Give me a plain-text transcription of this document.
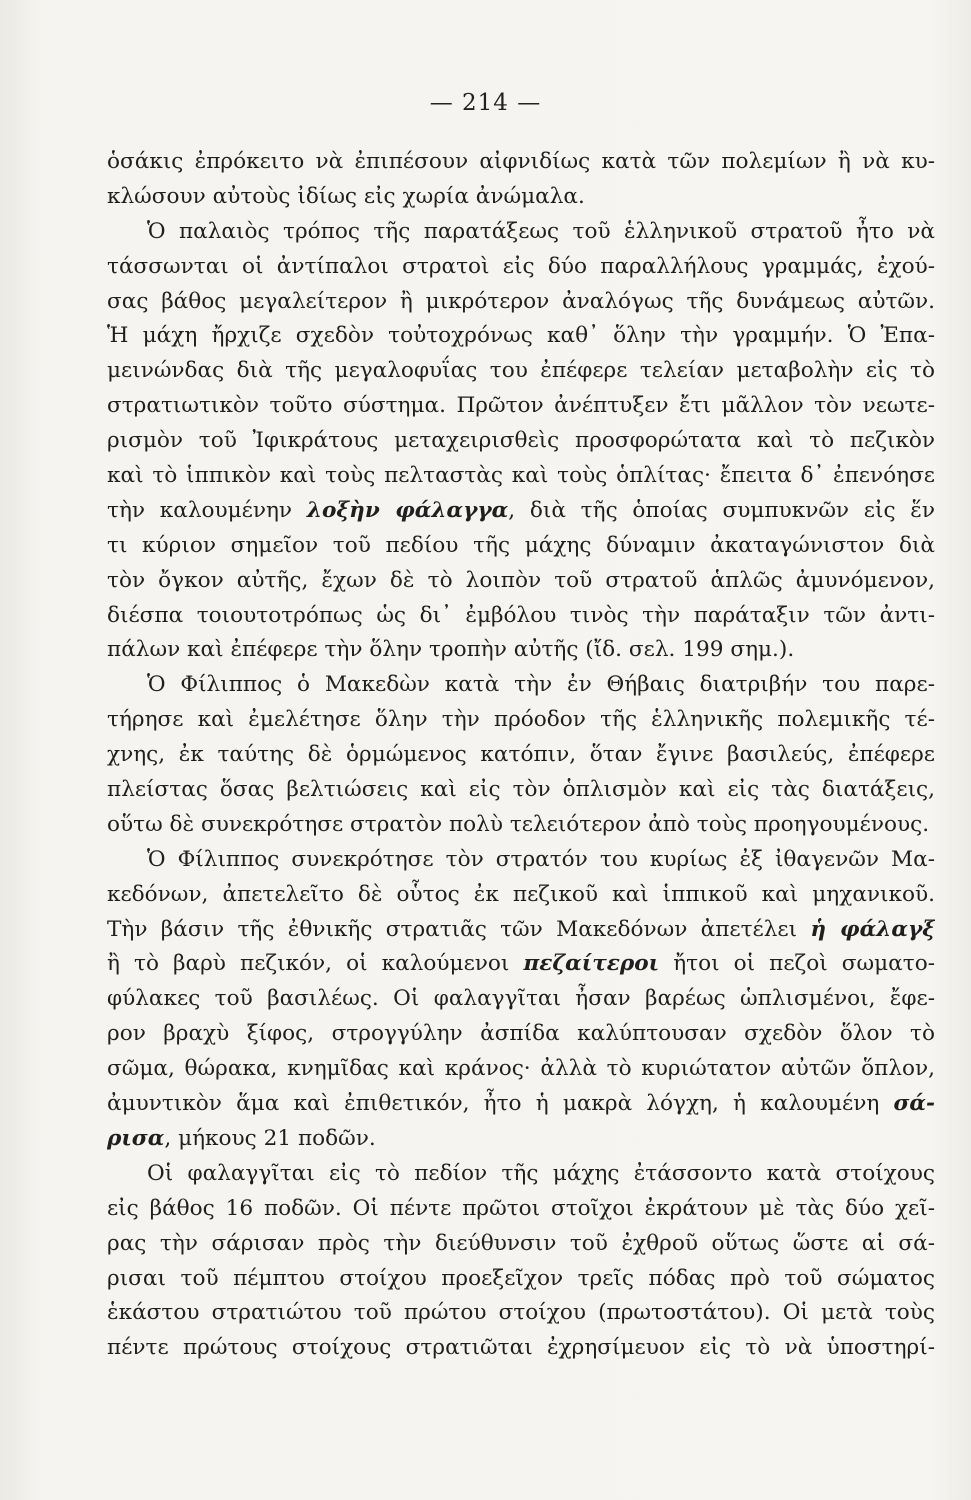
— 214 —
ὁσάκις ἐπρόκειτο νὰ ἐπιπέσουν αἰφνιδίως κατὰ τῶν πολεμίων ἢ νὰ κυ-
κλώσουν αὐτοὺς ἰδίως εἰς χωρία ἀνώμαλα.
Ὁ παλαιὸς τρόπος τῆς παρατάξεως τοῦ ἑλληνικοῦ στρατοῦ ἦτο νὰ
τάσσωνται οἱ ἀντίπαλοι στρατοὶ εἰς δύο παραλλήλους γραμμάς, ἐχού-
σας βάθος μεγαλείτερον ἢ μικρότερον ἀναλόγως τῆς δυνάμεως αὐτῶν.
Ἡ μάχη ἤρχιζε σχεδὸν τοὐτοχρόνως καθ᾽ ὅλην τὴν γραμμήν. Ὁ Ἐπα-
μεινώνδας διὰ τῆς μεγαλοφυΐας του ἐπέφερε τελείαν μεταβολὴν εἰς τὸ
στρατιωτικὸν τοῦτο σύστημα. Πρῶτον ἀνέπτυξεν ἔτι μᾶλλον τὸν νεωτε-
ρισμὸν τοῦ Ἰφικράτους μεταχειρισθεὶς προσφορώτατα καὶ τὸ πεζικὸν
καὶ τὸ ἱππικὸν καὶ τοὺς πελταστὰς καὶ τοὺς ὁπλίτας· ἔπειτα δ᾽ ἐπενόησε
τὴν καλουμένην λοξὴν φάλαγγα, διὰ τῆς ὁποίας συμπυκνῶν εἰς ἕν
τι κύριον σημεῖον τοῦ πεδίου τῆς μάχης δύναμιν ἀκαταγώνιστον διὰ
τὸν ὄγκον αὐτῆς, ἔχων δὲ τὸ λοιπὸν τοῦ στρατοῦ ἁπλῶς ἀμυνόμενον,
διέσπα τοιουτοτρόπως ὡς δι᾽ ἐμβόλου τινὸς τὴν παράταξιν τῶν ἀντι-
πάλων καὶ ἐπέφερε τὴν ὅλην τροπὴν αὐτῆς (ἴδ. σελ. 199 σημ.).
Ὁ Φίλιππος ὁ Μακεδὼν κατὰ τὴν ἐν Θήβαις διατριβήν του παρε-
τήρησε καὶ ἐμελέτησε ὅλην τὴν πρόοδον τῆς ἑλληνικῆς πολεμικῆς τέ-
χνης, ἐκ ταύτης δὲ ὁρμώμενος κατόπιν, ὅταν ἔγινε βασιλεύς, ἐπέφερε
πλείστας ὅσας βελτιώσεις καὶ εἰς τὸν ὁπλισμὸν καὶ εἰς τὰς διατάξεις,
οὕτω δὲ συνεκρότησε στρατὸν πολὺ τελειότερον ἀπὸ τοὺς προηγουμένους.
Ὁ Φίλιππος συνεκρότησε τὸν στρατόν του κυρίως ἐξ ἰθαγενῶν Μα-
κεδόνων, ἀπετελεῖτο δὲ οὗτος ἐκ πεζικοῦ καὶ ἱππικοῦ καὶ μηχανικοῦ.
Τὴν βάσιν τῆς ἐθνικῆς στρατιᾶς τῶν Μακεδόνων ἀπετέλει ἡ φάλαγξ
ἢ τὸ βαρὺ πεζικόν, οἱ καλούμενοι πεζαίτεροι ἤτοι οἱ πεζοὶ σωματο-
φύλακες τοῦ βασιλέως. Οἱ φαλαγγῖται ἦσαν βαρέως ὡπλισμένοι, ἔφε-
ρον βραχὺ ξίφος, στρογγύλην ἀσπίδα καλύπτουσαν σχεδὸν ὅλον τὸ
σῶμα, θώρακα, κνημῖδας καὶ κράνος· ἀλλὰ τὸ κυριώτατον αὐτῶν ὅπλον,
ἀμυντικὸν ἅμα καὶ ἐπιθετικόν, ἦτο ἡ μακρὰ λόγχη, ἡ καλουμένη σά-
ρισα, μήκους 21 ποδῶν.
Οἱ φαλαγγῖται εἰς τὸ πεδίον τῆς μάχης ἐτάσσοντο κατὰ στοίχους
εἰς βάθος 16 ποδῶν. Οἱ πέντε πρῶτοι στοῖχοι ἐκράτουν μὲ τὰς δύο χεῖ-
ρας τὴν σάρισαν πρὸς τὴν διεύθυνσιν τοῦ ἐχθροῦ οὕτως ὥστε αἱ σά-
ρισαι τοῦ πέμπτου στοίχου προεξεῖχον τρεῖς πόδας πρὸ τοῦ σώματος
ἑκάστου στρατιώτου τοῦ πρώτου στοίχου (πρωτοστάτου). Οἱ μετὰ τοὺς
πέντε πρώτους στοίχους στρατιῶται ἐχρησίμευον εἰς τὸ νὰ ὑποστηρί-
